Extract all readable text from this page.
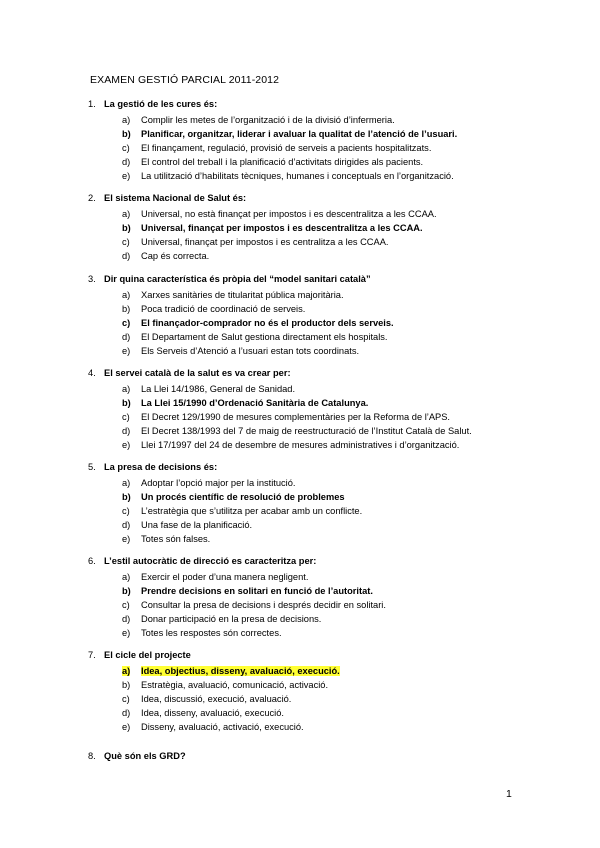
EXAMEN GESTIÓ PARCIAL 2011-2012
1. La gestió de les cures és:
a) Complir les metes de l’organització i de la divisió d’infermeria.
b) Planificar, organitzar, liderar i avaluar la qualitat de l’atenció de l’usuari.
c) El finançament, regulació, provisió de serveis a pacients hospitalitzats.
d) El control del treball i la planificació d’activitats dirigides als pacients.
e) La utilització d’habilitats tècniques, humanes i conceptuals en l’organització.
2. El sistema Nacional de Salut és:
a) Universal, no està finançat per impostos i es descentralitza a les CCAA.
b) Universal, finançat per impostos i es descentralitza a les CCAA.
c) Universal, finançat per impostos i es centralitza a les CCAA.
d) Cap és correcta.
3. Dir quina característica és pròpia del “model sanitari català”
a) Xarxes sanitàries de titularitat pública majoritària.
b) Poca tradició de coordinació de serveis.
c) El finançador-comprador no és el productor dels serveis.
d) El Departament de Salut gestiona directament els hospitals.
e) Els Serveis d’Atenció a l’usuari estan tots coordinats.
4. El servei català de la salut es va crear per:
a) La Llei 14/1986, General de Sanidad.
b) La Llei 15/1990 d’Ordenació Sanitària de Catalunya.
c) El Decret 129/1990 de mesures complementàries per la Reforma de l’APS.
d) El Decret 138/1993 del 7 de maig de reestructuració de l’Institut Català de Salut.
e) Llei 17/1997 del 24 de desembre de mesures administratives i d’organització.
5. La presa de decisions és:
a) Adoptar l’opció major per la institució.
b) Un procés científic de resolució de problemes
c) L’estratègia que s’utilitza per acabar amb un conflicte.
d) Una fase de la planificació.
e) Totes són falses.
6. L’estil autocràtic de direcció es caracteritza per:
a) Exercir el poder d’una manera negligent.
b) Prendre decisions en solitari en funció de l’autoritat.
c) Consultar la presa de decisions i després decidir en solitari.
d) Donar participació en la presa de decisions.
e) Totes les respostes són correctes.
7. El cicle del projecte
a) Idea, objectius, disseny, avaluació, execució.
b) Estratègia, avaluació, comunicació, activació.
c) Idea, discussió, execució, avaluació.
d) Idea, disseny, avaluació, execució.
e) Disseny, avaluació, activació, execució.
8. Què són els GRD?
1
